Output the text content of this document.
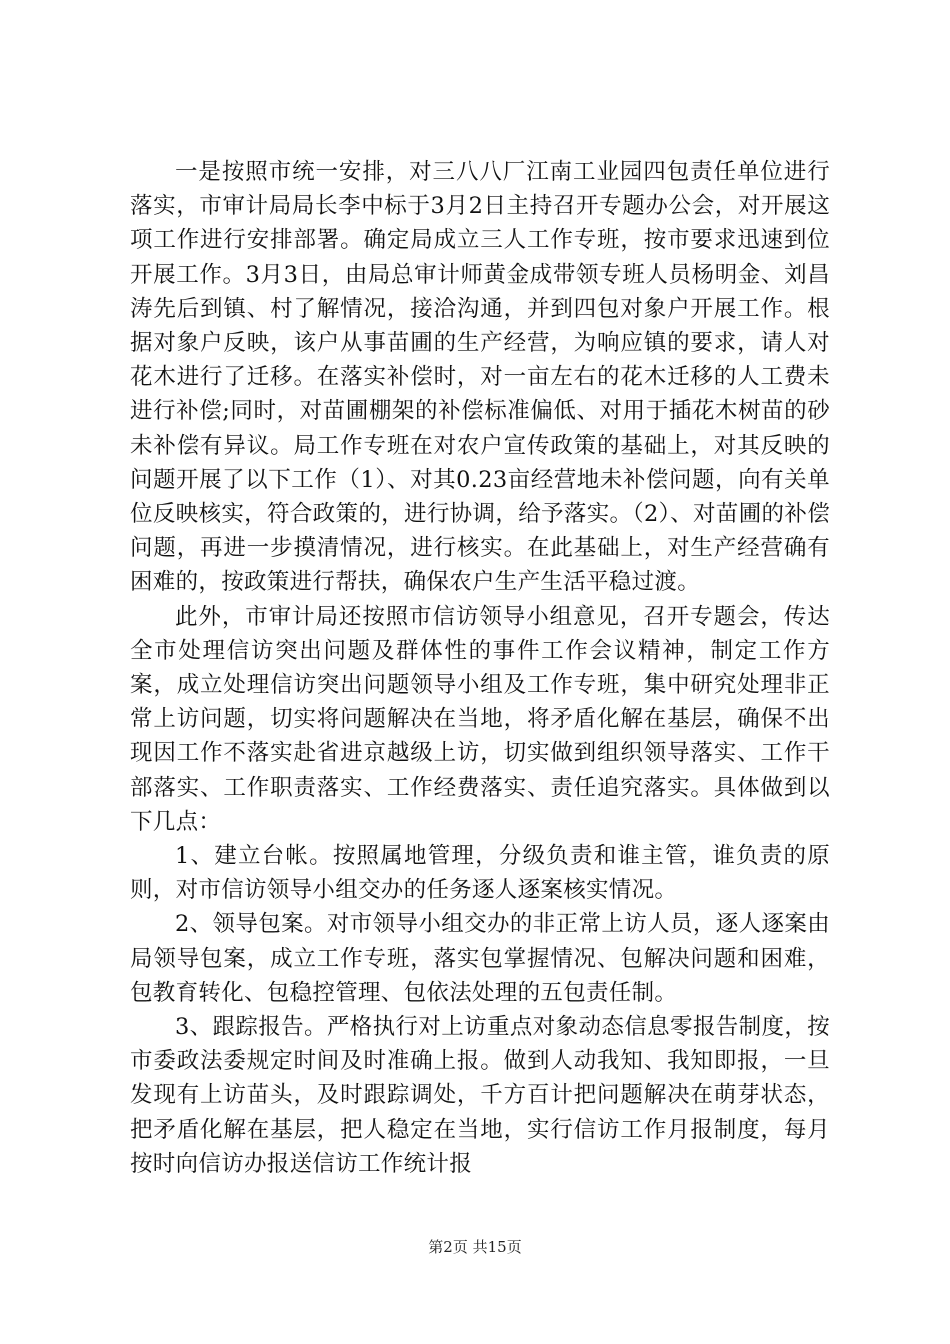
一是按照市统一安排，对三八八厂江南工业园四包责任单位进行落实，市审计局局长李中标于3月2日主持召开专题办公会，对开展这项工作进行安排部署。确定局成立三人工作专班，按市要求迅速到位开展工作。3月3日，由局总审计师黄金成带领专班人员杨明金、刘昌涛先后到镇、村了解情况，接洽沟通，并到四包对象户开展工作。根据对象户反映，该户从事苗圃的生产经营，为响应镇的要求，请人对花木进行了迁移。在落实补偿时，对一亩左右的花木迁移的人工费未进行补偿;同时，对苗圃棚架的补偿标准偏低、对用于插花木树苗的砂未补偿有异议。局工作专班在对农户宣传政策的基础上，对其反映的问题开展了以下工作（1）、对其0.23亩经营地未补偿问题，向有关单位反映核实，符合政策的，进行协调，给予落实。（2）、对苗圃的补偿问题，再进一步摸清情况，进行核实。在此基础上，对生产经营确有困难的，按政策进行帮扶，确保农户生产生活平稳过渡。

此外，市审计局还按照市信访领导小组意见，召开专题会，传达全市处理信访突出问题及群体性的事件工作会议精神，制定工作方案，成立处理信访突出问题领导小组及工作专班，集中研究处理非正常上访问题，切实将问题解决在当地，将矛盾化解在基层，确保不出现因工作不落实赴省进京越级上访，切实做到组织领导落实、工作干部落实、工作职责落实、工作经费落实、责任追究落实。具体做到以下几点：

1、建立台帐。按照属地管理，分级负责和谁主管，谁负责的原则，对市信访领导小组交办的任务逐人逐案核实情况。

2、领导包案。对市领导小组交办的非正常上访人员，逐人逐案由局领导包案，成立工作专班，落实包掌握情况、包解决问题和困难，包教育转化、包稳控管理、包依法处理的五包责任制。

3、跟踪报告。严格执行对上访重点对象动态信息零报告制度，按市委政法委规定时间及时准确上报。做到人动我知、我知即报，一旦发现有上访苗头，及时跟踪调处，千方百计把问题解决在萌芽状态，把矛盾化解在基层，把人稳定在当地，实行信访工作月报制度，每月按时向信访办报送信访工作统计报

第2页 共15页
